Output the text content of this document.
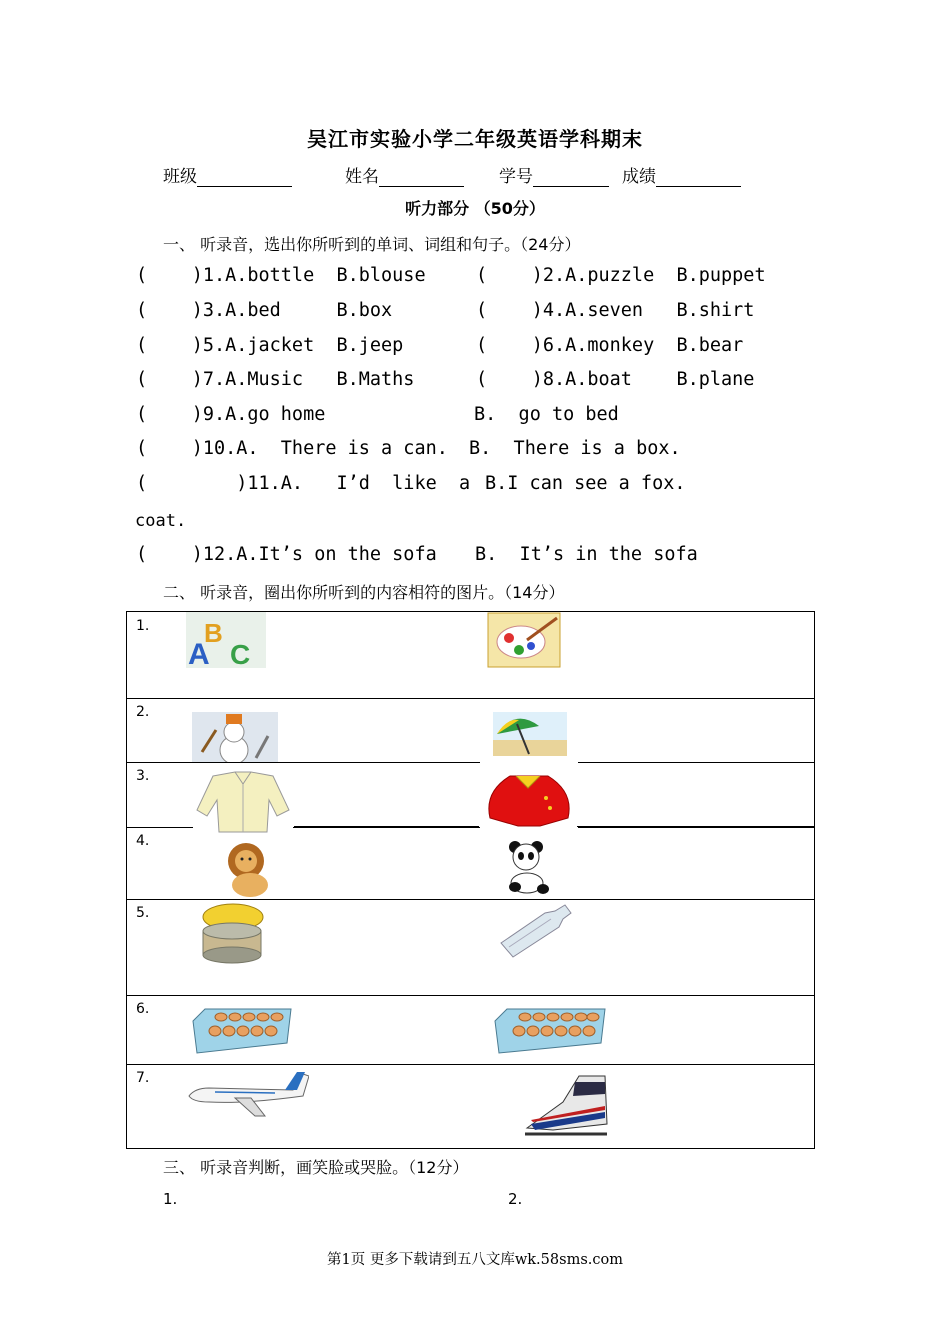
吴江市实验小学二年级英语学科期末
班级	姓名	学号	成绩
听力部分 （50分）
一、 听录音，选出你所听到的单词、词组和句子。（24分）
(    )1.A.bottle  B.blouse	(    )2.A.puzzle  B.puppet
(    )3.A.bed     B.box	(    )4.A.seven   B.shirt
(    )5.A.jacket  B.jeep	(    )6.A.monkey  B.bear
(    )7.A.Music   B.Maths	(    )8.A.boat    B.plane
(    )9.A.go home	B.  go to bed
(    )10.A.  There is a can. B.  There is a box.
(        )11.A.   I’d  like  a B.I can see a fox.
coat.
(    )12.A.It’s on the sofa B.  It’s in the sofa
二、 听录音，圈出你所听到的内容相符的图片。（14分）
1. B
A C
2.
3.
4.
5.
6.
7.
三、 听录音判断，画笑脸或哭脸。（12分）
1.	2.
第1页 更多下载请到五八文库wk.58sms.com
